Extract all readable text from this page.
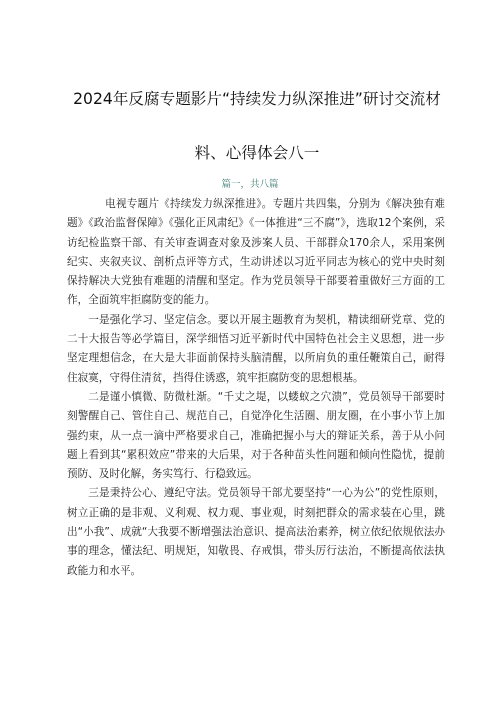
2024年反腐专题影片“持续发力纵深推进”研讨交流材
料、心得体会八一
篇一，共八篇

电视专题片《持续发力纵深推进》。专题片共四集，分别为《解决独有难题》《政治监督保障》《强化正风肃纪》《一体推进“三不腐”》，选取12个案例，采访纪检监察干部、有关审查调查对象及涉案人员、干部群众170余人，采用案例纪实、夹叙夹议、剖析点评等方式，生动讲述以习近平同志为核心的党中央时刻保持解决大党独有难题的清醒和坚定。作为党员领导干部要着重做好三方面的工作，全面筑牢拒腐防变的能力。

一是强化学习、坚定信念。要以开展主题教育为契机，精读细研党章、党的二十大报告等必学篇目，深学细悟习近平新时代中国特色社会主义思想，进一步坚定理想信念，在大是大非面前保持头脑清醒，以所肩负的重任鞭策自己，耐得住寂寞，守得住清贫，挡得住诱惑，筑牢拒腐防变的思想根基。

二是谨小慎微、防微杜渐。“千丈之堤，以蝼蚁之穴溃”，党员领导干部要时刻警醒自己、管住自己、规范自己，自觉净化生活圈、朋友圈，在小事小节上加强约束，从一点一滴中严格要求自己，准确把握小与大的辩证关系，善于从小问题上看到其“累积效应”带来的大后果，对于各种苗头性问题和倾向性隐忧，提前预防、及时化解，务实笃行、行稳致远。

三是秉持公心、遵纪守法。党员领导干部尤要坚持“一心为公”的党性原则，树立正确的是非观、义利观、权力观、事业观，时刻把群众的需求装在心里，跳出“小我”、成就“大我要不断增强法治意识、提高法治素养，树立依纪依规依法办事的理念，懂法纪、明规矩，知敬畏、存戒惧，带头厉行法治，不断提高依法执政能力和水平。
